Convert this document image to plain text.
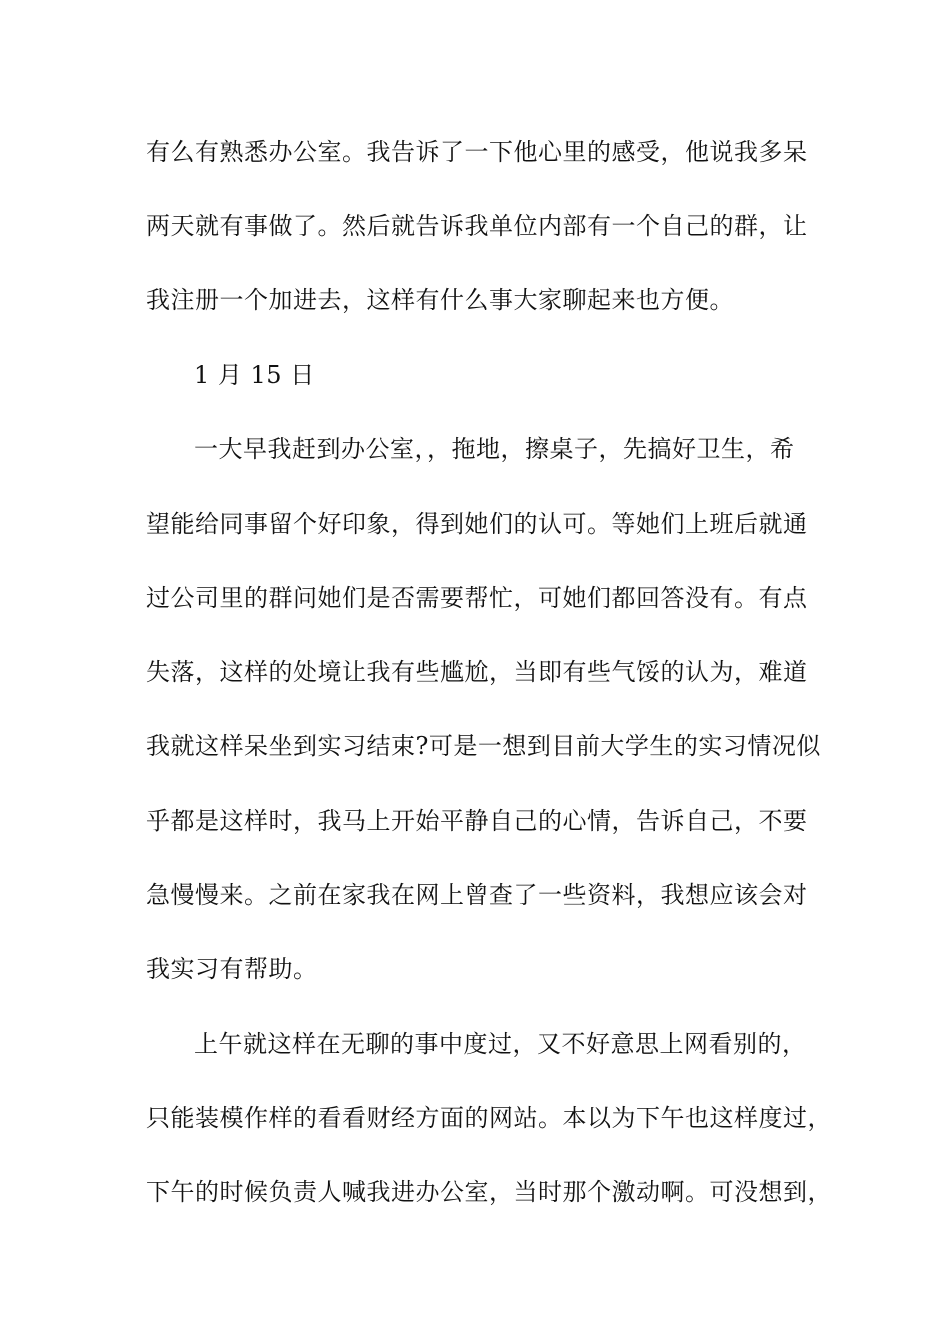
有么有熟悉办公室。我告诉了一下他心里的感受，他说我多呆
两天就有事做了。然后就告诉我单位内部有一个自己的群，让
我注册一个加进去，这样有什么事大家聊起来也方便。
1 月 15 日
一大早我赶到办公室，，拖地，擦桌子，先搞好卫生，希
望能给同事留个好印象，得到她们的认可。等她们上班后就通
过公司里的群问她们是否需要帮忙，可她们都回答没有。有点
失落，这样的处境让我有些尴尬，当即有些气馁的认为，难道
我就这样呆坐到实习结束?可是一想到目前大学生的实习情况似
乎都是这样时，我马上开始平静自己的心情，告诉自己，不要
急慢慢来。之前在家我在网上曾查了一些资料，我想应该会对
我实习有帮助。
上午就这样在无聊的事中度过，又不好意思上网看别的，
只能装模作样的看看财经方面的网站。本以为下午也这样度过，
下午的时候负责人喊我进办公室，当时那个激动啊。可没想到，
